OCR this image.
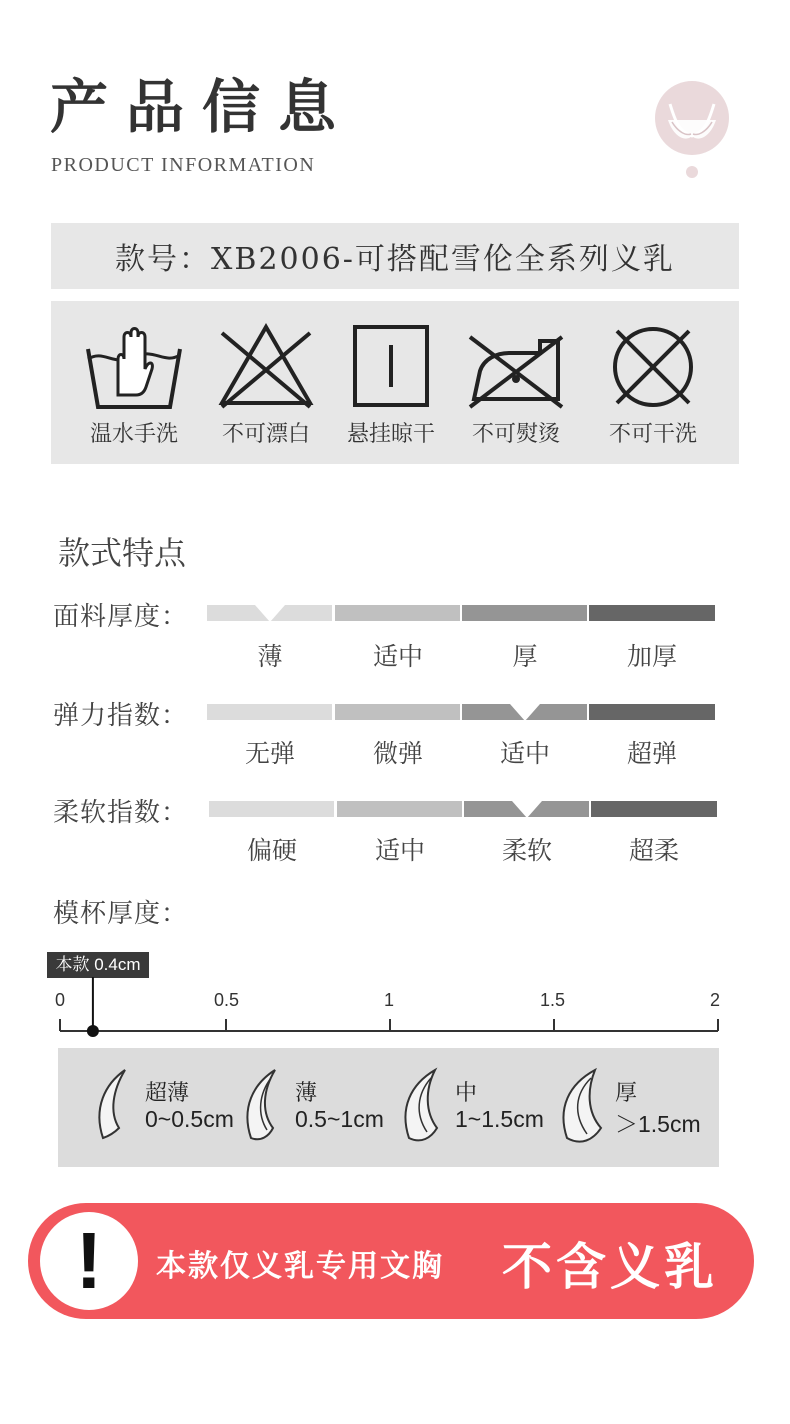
产品信息
PRODUCT INFORMATION
款号：XB2006-可搭配雪伦全系列义乳
温水手洗	不可漂白	悬挂晾干	不可熨烫	不可干洗
款式特点
面料厚度：
薄	适中	厚	加厚
弹力指数：
无弹	微弹	适中	超弹
柔软指数：
偏硬	适中	柔软	超柔
模杯厚度：
本款 0.4cm
0	0.5	1	1.5	2
超薄
0~0.5cm
薄
0.5~1cm
中
1~1.5cm
厚
＞1.5cm
!	本款仅义乳专用文胸 不含义乳
